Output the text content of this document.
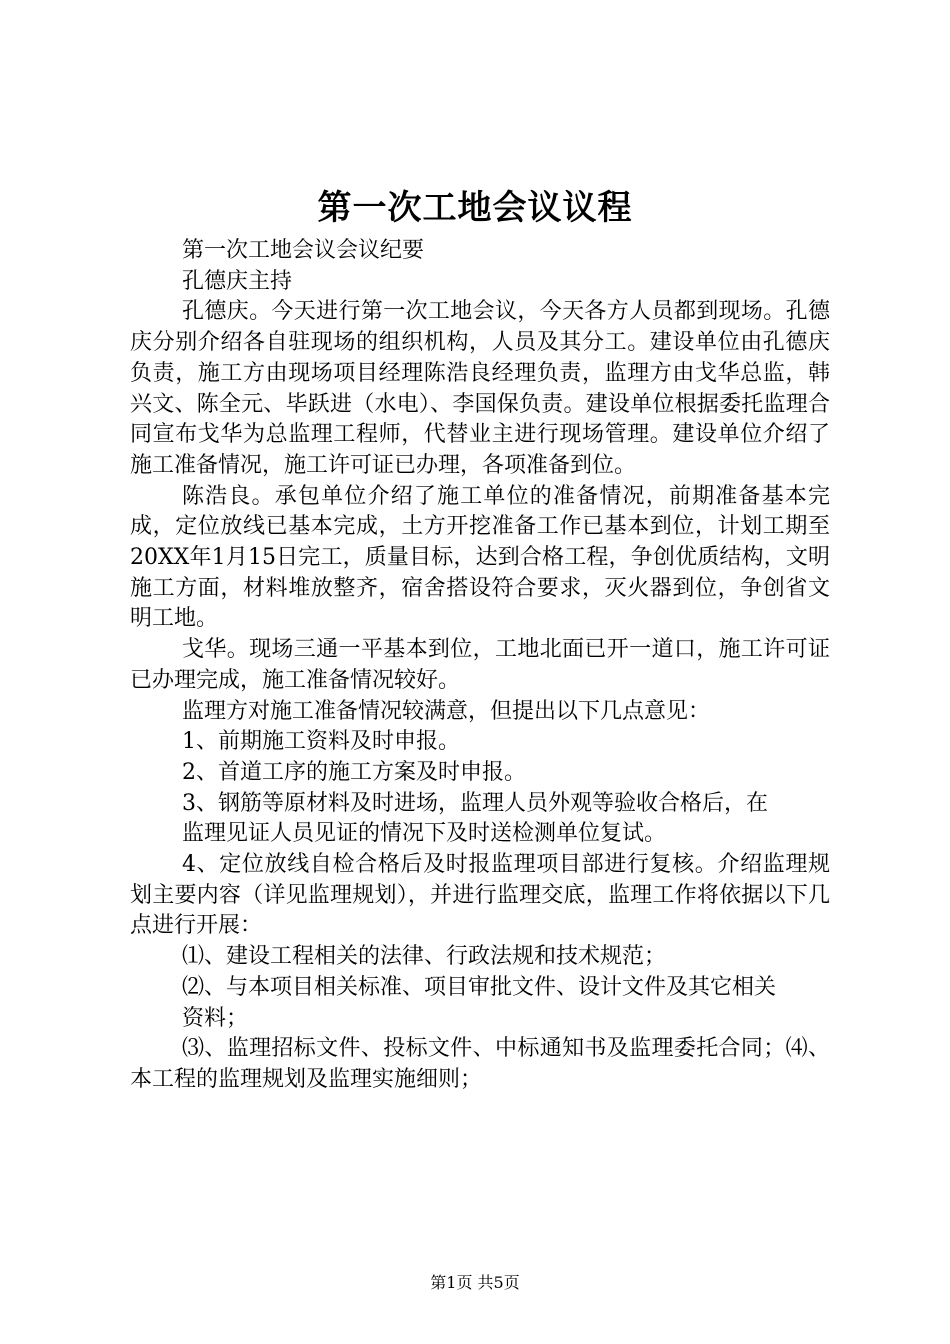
第一次工地会议议程

第一次工地会议会议纪要

孔德庆主持

孔德庆。今天进行第一次工地会议，今天各方人员都到现场。孔德庆分别介绍各自驻现场的组织机构，人员及其分工。建设单位由孔德庆负责，施工方由现场项目经理陈浩良经理负责，监理方由戈华总监，韩兴文、陈全元、毕跃进（水电）、李国保负责。建设单位根据委托监理合同宣布戈华为总监理工程师，代替业主进行现场管理。建设单位介绍了施工准备情况，施工许可证已办理，各项准备到位。

陈浩良。承包单位介绍了施工单位的准备情况，前期准备基本完成，定位放线已基本完成，土方开挖准备工作已基本到位，计划工期至20XX年1月15日完工，质量目标，达到合格工程，争创优质结构，文明施工方面，材料堆放整齐，宿舍搭设符合要求，灭火器到位，争创省文明工地。

戈华。现场三通一平基本到位，工地北面已开一道口，施工许可证已办理完成，施工准备情况较好。

监理方对施工准备情况较满意，但提出以下几点意见：

1、前期施工资料及时申报。

2、首道工序的施工方案及时申报。

3、钢筋等原材料及时进场，监理人员外观等验收合格后，在

监理见证人员见证的情况下及时送检测单位复试。

4、定位放线自检合格后及时报监理项目部进行复核。介绍监理规划主要内容（详见监理规划），并进行监理交底，监理工作将依据以下几点进行开展：

⑴、建设工程相关的法律、行政法规和技术规范；

⑵、与本项目相关标准、项目审批文件、设计文件及其它相关

资料；

⑶、监理招标文件、投标文件、中标通知书及监理委托合同；⑷、本工程的监理规划及监理实施细则；

第1页 共5页
